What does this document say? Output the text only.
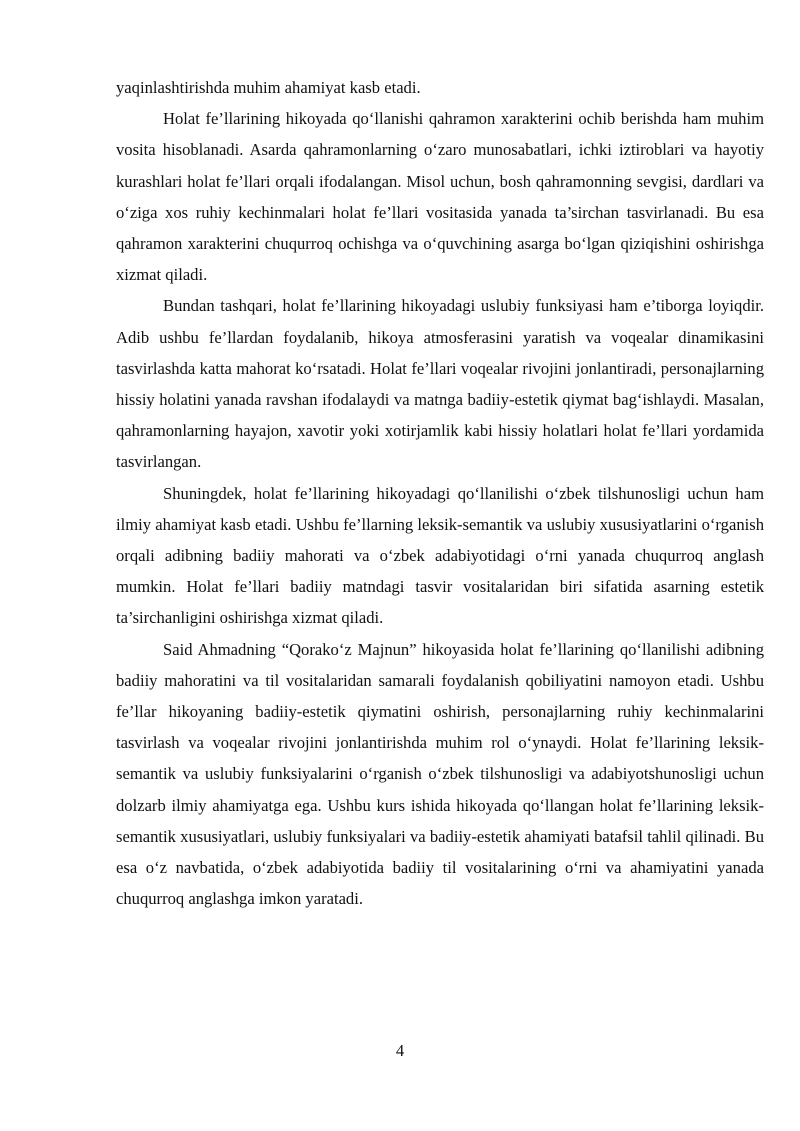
yaqinlashtirishda muhim ahamiyat kasb etadi.

Holat fe’llarining hikoyada qo‘llanishi qahramon xarakterini ochib berishda ham muhim vosita hisoblanadi. Asarda qahramonlarning o‘zaro munosabatlari, ichki iztiroblari va hayotiy kurashlari holat fe’llari orqali ifodalangan. Misol uchun, bosh qahramonning sevgisi, dardlari va o‘ziga xos ruhiy kechinmalari holat fe’llari vositasida yanada ta’sirchan tasvirlanadi. Bu esa qahramon xarakterini chuqurroq ochishga va o‘quvchining asarga bo‘lgan qiziqishini oshirishga xizmat qiladi.

Bundan tashqari, holat fe’llarining hikoyadagi uslubiy funksiyasi ham e’tiborga loyiqdir. Adib ushbu fe’llardan foydalanib, hikoya atmosferasini yaratish va voqealar dinamikasini tasvirlashda katta mahorat ko‘rsatadi. Holat fe’llari voqealar rivojini jonlantiradi, personajlarning hissiy holatini yanada ravshan ifodalaydi va matnga badiiy-estetik qiymat bag‘ishlaydi. Masalan, qahramonlarning hayajon, xavotir yoki xotirjamlik kabi hissiy holatlari holat fe’llari yordamida tasvirlangan.

Shuningdek, holat fe’llarining hikoyadagi qo‘llanilishi o‘zbek tilshunosligi uchun ham ilmiy ahamiyat kasb etadi. Ushbu fe’llarning leksik-semantik va uslubiy xususiyatlarini o‘rganish orqali adibning badiiy mahorati va o‘zbek adabiyotidagi o‘rni yanada chuqurroq anglash mumkin. Holat fe’llari badiiy matndagi tasvir vositalaridan biri sifatida asarning estetik ta’sirchanligini oshirishga xizmat qiladi.

Said Ahmadning “Qorako‘z Majnun” hikoyasida holat fe’llarining qo‘llanilishi adibning badiiy mahoratini va til vositalaridan samarali foydalanish qobiliyatini namoyon etadi. Ushbu fe’llar hikoyaning badiiy-estetik qiymatini oshirish, personajlarning ruhiy kechinmalarini tasvirlash va voqealar rivojini jonlantirishda muhim rol o‘ynaydi. Holat fe’llarining leksik-semantik va uslubiy funksiyalarini o‘rganish o‘zbek tilshunosligi va adabiyotshunosligi uchun dolzarb ilmiy ahamiyatga ega. Ushbu kurs ishida hikoyada qo‘llangan holat fe’llarining leksik-semantik xususiyatlari, uslubiy funksiyalari va badiiy-estetik ahamiyati batafsil tahlil qilinadi. Bu esa o‘z navbatida, o‘zbek adabiyotida badiiy til vositalarining o‘rni va ahamiyatini yanada chuqurroq anglashga imkon yaratadi.

4
